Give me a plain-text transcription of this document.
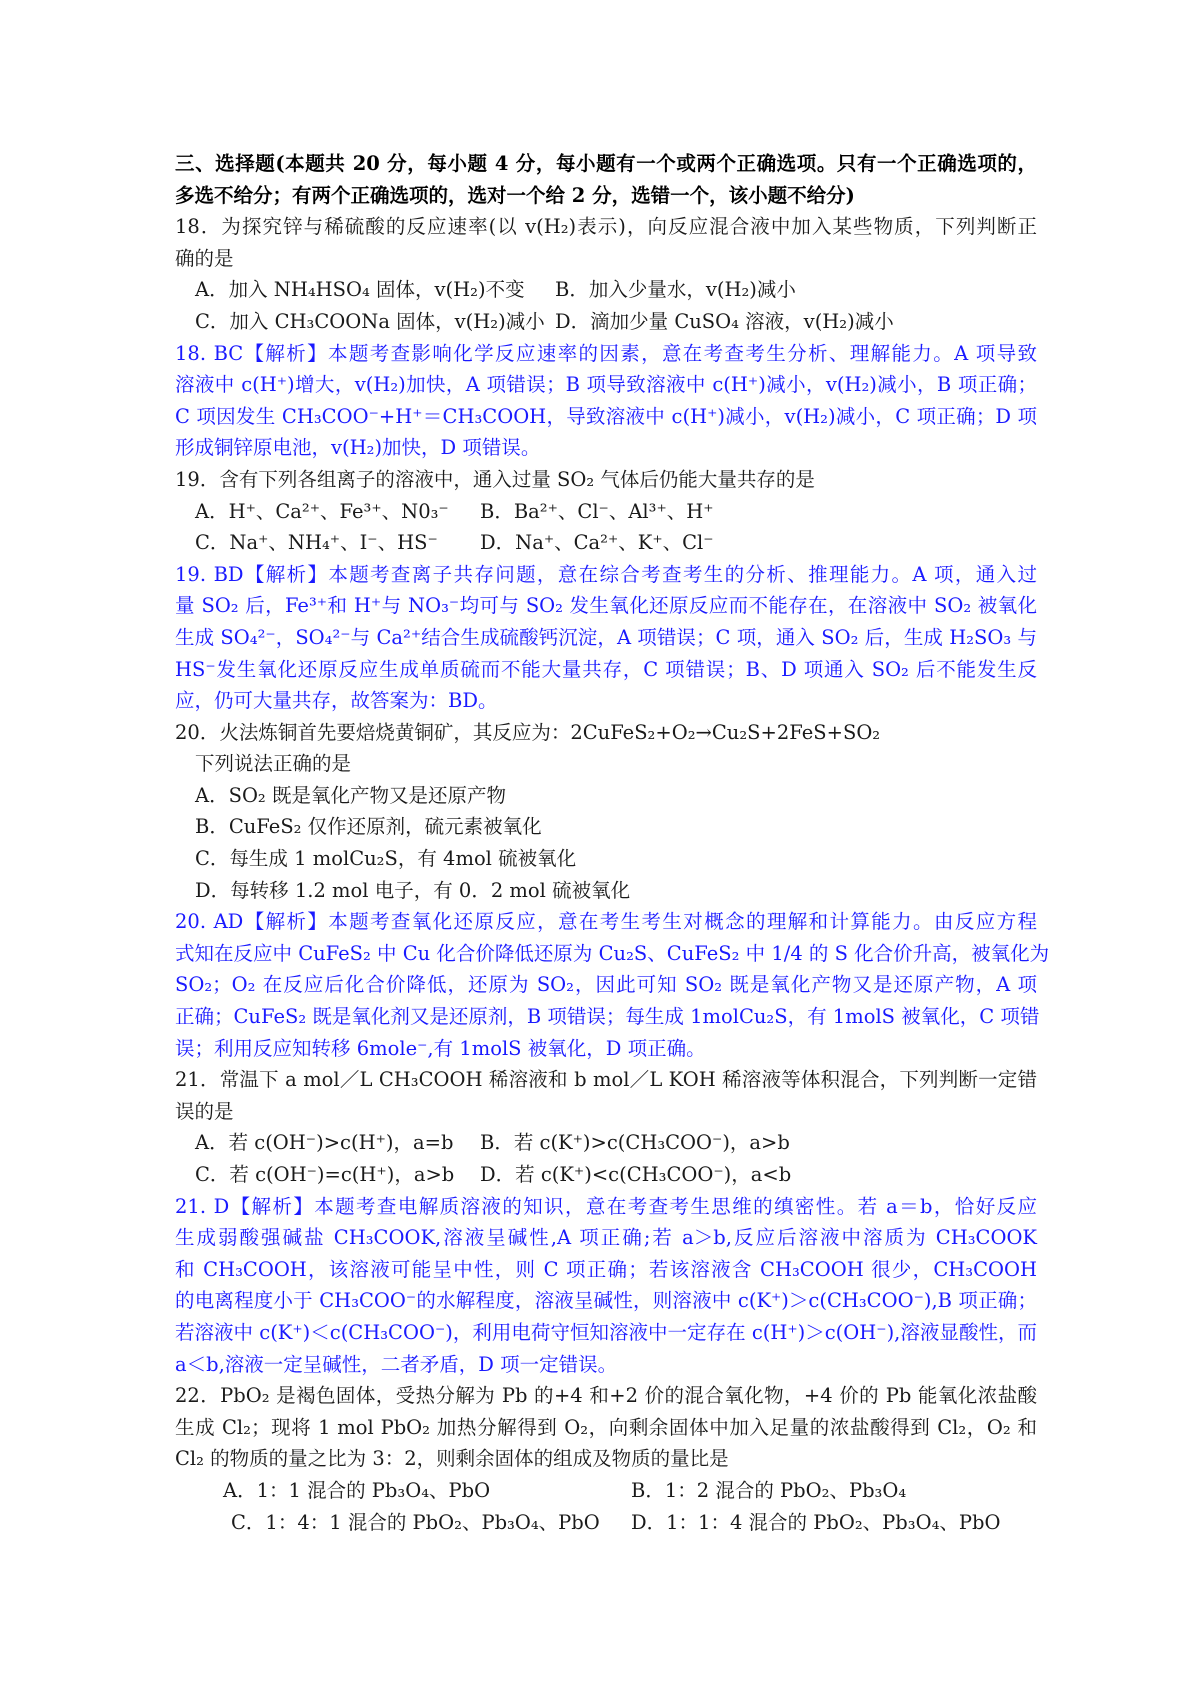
三、选择题(本题共 20 分，每小题 4 分，每小题有一个或两个正确选项。只有一个正确选项的，
多选不给分；有两个正确选项的，选对一个给 2 分，选错一个，该小题不给分)
18．为探究锌与稀硫酸的反应速率(以 v(H₂)表示)，向反应混合液中加入某些物质，下列判断正
确的是
A．加入 NH₄HSO₄ 固体，v(H₂)不变	B．加入少量水，v(H₂)减小
C．加入 CH₃COONa 固体，v(H₂)减小 D．滴加少量 CuSO₄ 溶液，v(H₂)减小
18. BC【解析】本题考查影响化学反应速率的因素，意在考查考生分析、理解能力。A 项导致
溶液中 c(H⁺)增大，v(H₂)加快，A 项错误；B 项导致溶液中 c(H⁺)减小，v(H₂)减小，B 项正确；
C 项因发生 CH₃COO⁻+H⁺＝CH₃COOH，导致溶液中 c(H⁺)减小，v(H₂)减小，C 项正确；D 项
形成铜锌原电池，v(H₂)加快，D 项错误。
19．含有下列各组离子的溶液中，通入过量 SO₂ 气体后仍能大量共存的是
A．H⁺、Ca²⁺、Fe³⁺、N0₃⁻	B．Ba²⁺、Cl⁻、Al³⁺、H⁺
C．Na⁺、NH₄⁺、I⁻、HS⁻	D．Na⁺、Ca²⁺、K⁺、Cl⁻
19. BD【解析】本题考查离子共存问题，意在综合考查考生的分析、推理能力。A 项，通入过
量 SO₂ 后，Fe³⁺和 H⁺与 NO₃⁻均可与 SO₂ 发生氧化还原反应而不能存在，在溶液中 SO₂ 被氧化
生成 SO₄²⁻，SO₄²⁻与 Ca²⁺结合生成硫酸钙沉淀，A 项错误；C 项，通入 SO₂ 后，生成 H₂SO₃ 与
HS⁻发生氧化还原反应生成单质硫而不能大量共存，C 项错误；B、D 项通入 SO₂ 后不能发生反
应，仍可大量共存，故答案为：BD。
20．火法炼铜首先要焙烧黄铜矿，其反应为：2CuFeS₂+O₂→Cu₂S+2FeS+SO₂
下列说法正确的是
A．SO₂ 既是氧化产物又是还原产物
B．CuFeS₂ 仅作还原剂，硫元素被氧化
C．每生成 1 molCu₂S，有 4mol 硫被氧化
D．每转移 1.2 mol 电子，有 0．2 mol 硫被氧化
20. AD【解析】本题考查氧化还原反应，意在考生考生对概念的理解和计算能力。由反应方程
式知在反应中 CuFeS₂ 中 Cu 化合价降低还原为 Cu₂S、CuFeS₂ 中 1/4 的 S 化合价升高，被氧化为
SO₂；O₂ 在反应后化合价降低，还原为 SO₂，因此可知 SO₂ 既是氧化产物又是还原产物，A 项
正确；CuFeS₂ 既是氧化剂又是还原剂，B 项错误；每生成 1molCu₂S，有 1molS 被氧化，C 项错
误；利用反应知转移 6mole⁻,有 1molS 被氧化，D 项正确。
21．常温下 a mol／L CH₃COOH 稀溶液和 b mol／L KOH 稀溶液等体积混合，下列判断一定错
误的是
A．若 c(OH⁻)>c(H⁺)，a=b	B．若 c(K⁺)>c(CH₃COO⁻)，a>b
C．若 c(OH⁻)=c(H⁺)，a>b	D．若 c(K⁺)<c(CH₃COO⁻)，a<b
21. D【解析】本题考查电解质溶液的知识，意在考查考生思维的缜密性。若 a＝b，恰好反应
生成弱酸强碱盐 CH₃COOK,溶液呈碱性,A 项正确;若 a＞b,反应后溶液中溶质为 CH₃COOK
和 CH₃COOH，该溶液可能呈中性，则 C 项正确；若该溶液含 CH₃COOH 很少，CH₃COOH
的电离程度小于 CH₃COO⁻的水解程度，溶液呈碱性，则溶液中 c(K⁺)＞c(CH₃COO⁻),B 项正确；
若溶液中 c(K⁺)＜c(CH₃COO⁻)，利用电荷守恒知溶液中一定存在 c(H⁺)＞c(OH⁻),溶液显酸性，而
a＜b,溶液一定呈碱性，二者矛盾，D 项一定错误。
22．PbO₂ 是褐色固体，受热分解为 Pb 的+4 和+2 价的混合氧化物，+4 价的 Pb 能氧化浓盐酸
生成 Cl₂；现将 1 mol PbO₂ 加热分解得到 O₂，向剩余固体中加入足量的浓盐酸得到 Cl₂，O₂ 和
Cl₂ 的物质的量之比为 3：2，则剩余固体的组成及物质的量比是
A．1：1 混合的 Pb₃O₄、PbO	B．1：2 混合的 PbO₂、Pb₃O₄
C．1：4：1 混合的 PbO₂、Pb₃O₄、PbO	D．1：1：4 混合的 PbO₂、Pb₃O₄、PbO
